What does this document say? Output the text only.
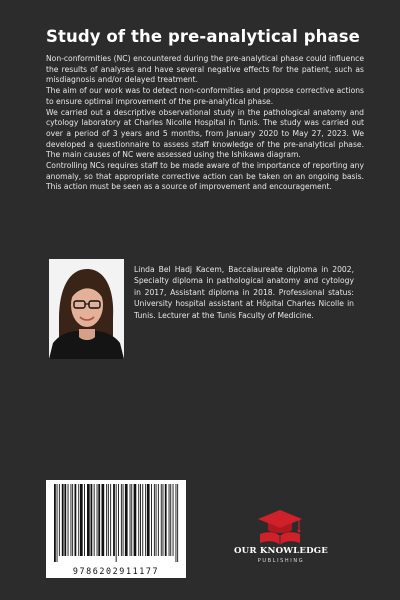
Study of the pre-analytical phase

Non-conformities (NC) encountered during the pre-analytical phase could influence the results of analyses and have several negative effects for the patient, such as misdiagnosis and/or delayed treatment.

The aim of our work was to detect non-conformities and propose corrective actions to ensure optimal improvement of the pre-analytical phase.

We carried out a descriptive observational study in the pathological anatomy and cytology laboratory at Charles Nicolle Hospital in Tunis. The study was carried out over a period of 3 years and 5 months, from January 2020 to May 27, 2023. We developed a questionnaire to assess staff knowledge of the pre-analytical phase. The main causes of NC were assessed using the Ishikawa diagram.

Controlling NCs requires staff to be made aware of the importance of reporting any anomaly, so that appropriate corrective action can be taken on an ongoing basis. This action must be seen as a source of improvement and encouragement.

Linda Bel Hadj Kacem, Baccalaureate diploma in 2002, Specialty diploma in pathological anatomy and cytology in 2017, Assistant diploma in 2018. Professional status: University hospital assistant at Hôpital Charles Nicolle in Tunis. Lecturer at the Tunis Faculty of Medicine.
9786202911177
OUR KNOWLEDGE
PUBLISHING
